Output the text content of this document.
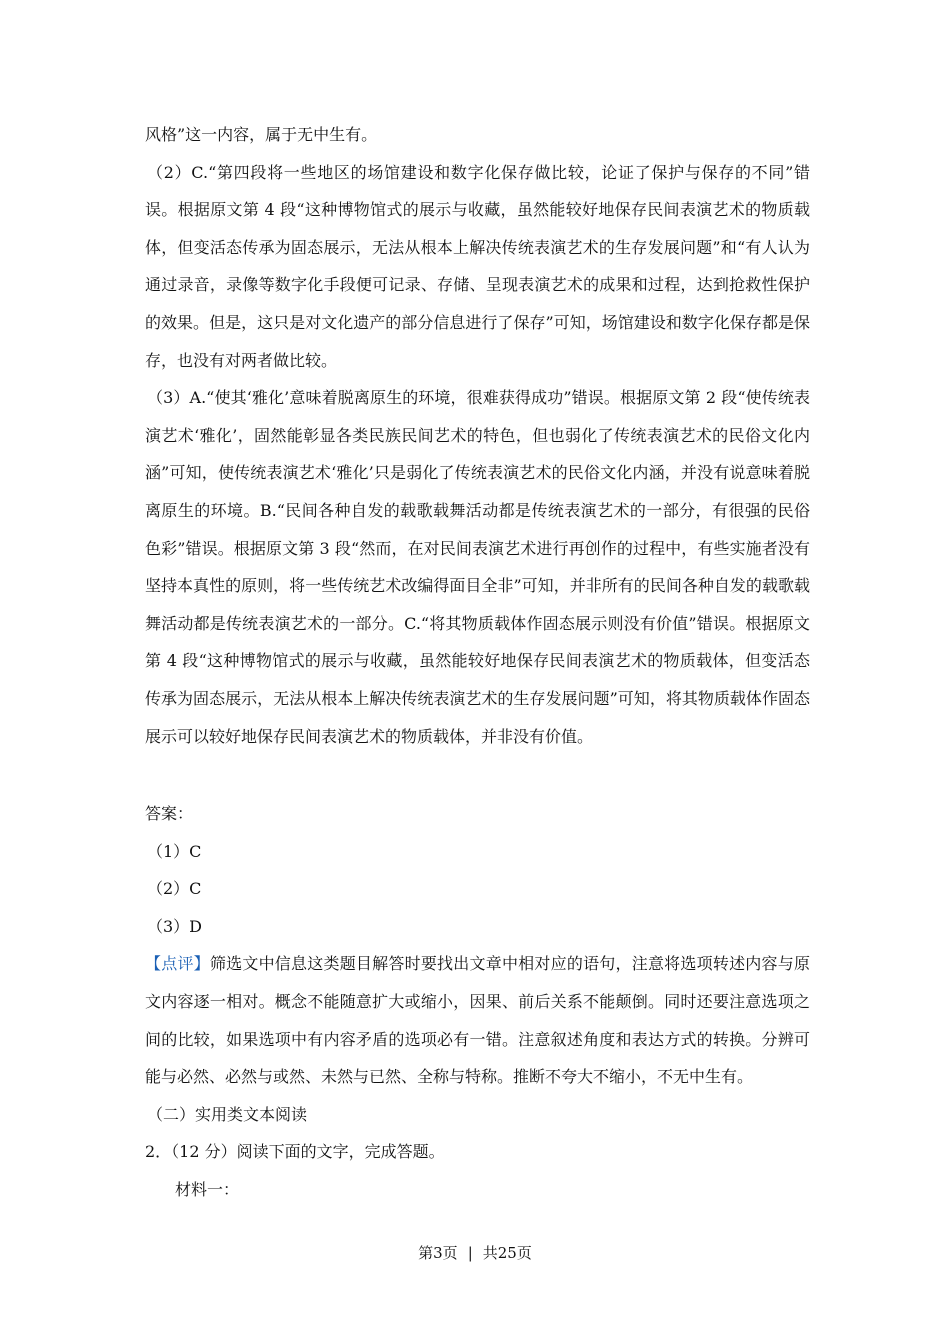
风格”这一内容，属于无中生有。

（2）C.“第四段将一些地区的场馆建设和数字化保存做比较，论证了保护与保存的不同”错误。根据原文第 4 段“这种博物馆式的展示与收藏，虽然能较好地保存民间表演艺术的物质载体，但变活态传承为固态展示，无法从根本上解决传统表演艺术的生存发展问题”和“有人认为通过录音，录像等数字化手段便可记录、存储、呈现表演艺术的成果和过程，达到抢救性保护的效果。但是，这只是对文化遗产的部分信息进行了保存”可知，场馆建设和数字化保存都是保存，也没有对两者做比较。

（3）A.“使其‘雅化’意味着脱离原生的环境，很难获得成功”错误。根据原文第 2 段“使传统表演艺术‘雅化’，固然能彰显各类民族民间艺术的特色，但也弱化了传统表演艺术的民俗文化内涵”可知，使传统表演艺术‘雅化’只是弱化了传统表演艺术的民俗文化内涵，并没有说意味着脱离原生的环境。B.“民间各种自发的载歌载舞活动都是传统表演艺术的一部分，有很强的民俗色彩”错误。根据原文第 3 段“然而，在对民间表演艺术进行再创作的过程中，有些实施者没有坚持本真性的原则，将一些传统艺术改编得面目全非”可知，并非所有的民间各种自发的载歌载舞活动都是传统表演艺术的一部分。C.“将其物质载体作固态展示则没有价值”错误。根据原文第 4 段“这种博物馆式的展示与收藏，虽然能较好地保存民间表演艺术的物质载体，但变活态传承为固态展示，无法从根本上解决传统表演艺术的生存发展问题”可知，将其物质载体作固态展示可以较好地保存民间表演艺术的物质载体，并非没有价值。

答案：

（1）C

（2）C

（3）D

【点评】筛选文中信息这类题目解答时要找出文章中相对应的语句，注意将选项转述内容与原文内容逐一相对。概念不能随意扩大或缩小，因果、前后关系不能颠倒。同时还要注意选项之间的比较，如果选项中有内容矛盾的选项必有一错。注意叙述角度和表达方式的转换。分辨可能与必然、必然与或然、未然与已然、全称与特称。推断不夸大不缩小，不无中生有。

（二）实用类文本阅读

2．（12 分）阅读下面的文字，完成答题。

材料一：

第3页 | 共25页
